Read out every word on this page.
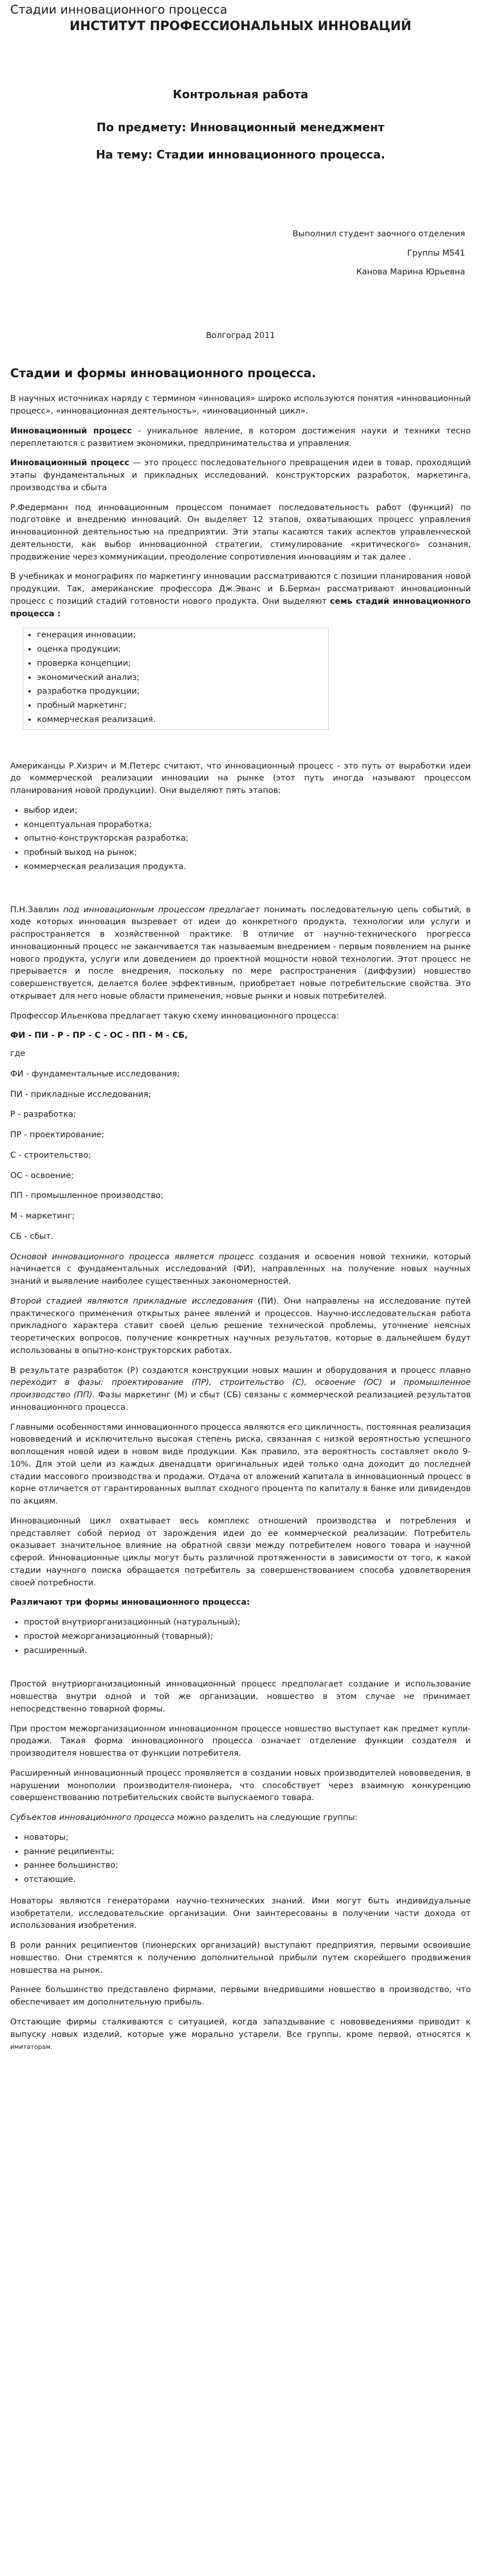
Стадии инновационного процесса
ИНСТИТУТ ПРОФЕССИОНАЛЬНЫХ ИННОВАЦИЙ

Контрольная работа

По предмету: Инновационный менеджмент

На тему: Стадии инновационного процесса.

Выполнил студент заочного отделения

Группы М541

Канова Марина Юрьевна

Волгоград 2011
Стадии и формы инновационного процесса.

В научных источниках наряду с термином «инновация» широко используются понятия «инновационный процесс», «инновационная деятельность», «инновационный цикл».

Инновационный процесс - уникальное явление, в котором достижения науки и техники тесно переплетаются с развитием экономики, предпринимательства и управления.

Инновационный процесс — это процесс последовательного превращения идеи в товар, проходящий этапы фундаментальных и прикладных исследований, конструкторских разработок, маркетинга, производства и сбыта

Р.Федерманн под инновационным процессом понимает последовательность работ (функций) по подготовке и внедрению инноваций. Он выделяет 12 этапов, охватывающих процесс управления инновационной деятельностью на предприятии. Эти этапы касаются таких аспектов управленческой деятельности, как выбор инновационной стратегии, стимулирование «критического» сознания, продвижение через коммуникации, преодоление сопротивления инновациям и так далее .

В учебниках и монографиях по маркетингу инновации рассматриваются с позиции планирования новой продукции. Так, американские профессора Дж.Эванс и Б.Берман рассматривают инновационный процесс с позиций стадий готовности нового продукта. Они выделяют семь стадий инновационного процесса :

• генерация инновации;
• оценка продукции;
• проверка концепции;
• экономический анализ;
• разработка продукции;
• пробный маркетинг;
• коммерческая реализация.

Американцы Р.Хизрич и М.Петерс считают, что инновационный процесс - это путь от выработки идеи до коммерческой реализации инновации на рынке (этот путь иногда называют процессом планирования новой продукции). Они выделяют пять этапов:

• выбор идеи;
• концептуальная проработка;
• опытно-конструкторская разработка;
• пробный выход на рынок;
• коммерческая реализация продукта.

П.Н.Завлин под инновационным процессом предлагает понимать последовательную цепь событий, в ходе которых инновация вызревает от идеи до конкретного продукта, технологии или услуги и распространяется в хозяйственной практике. В отличие от научно-технического прогресса инновационный процесс не заканчивается так называемым внедрением - первым появлением на рынке нового продукта, услуги или доведением до проектной мощности новой технологии. Этот процесс не прерывается и после внедрения, поскольку по мере распространения (диффузии) новшество совершенствуется, делается более эффективным, приобретает новые потребительские свойства. Это открывает для него новые области применения, новые рынки и новых потребителей.

Профессор Ильенкова предлагает такую схему инновационного процесса:

ФИ - ПИ - Р - ПР - С - ОС - ПП - М - СБ,
где
ФИ - фундаментальные исследования;
ПИ - прикладные исследования;
Р - разработка;
ПР - проектирование;
С - строительство;
ОС - освоение;
ПП - промышленное производство;
М - маркетинг;
СБ - сбыт.

Основой инновационного процесса является процесс создания и освоения новой техники, который начинается с фундаментальных исследований (ФИ), направленных на получение новых научных знаний и выявление наиболее существенных закономерностей.

Второй стадией являются прикладные исследования (ПИ). Они направлены на исследование путей практического применения открытых ранее явлений и процессов. Научно-исследовательская работа прикладного характера ставит своей целью решение технической проблемы, уточнение неясных теоретических вопросов, получение конкретных научных результатов, которые в дальнейшем будут использованы в опытно-конструкторских работах.

В результате разработок (Р) создаются конструкции новых машин и оборудования и процесс плавно переходит в фазы: проектирование (ПР), строительство (С), освоение (ОС) и промышленное производство (ПП). Фазы маркетинг (М) и сбыт (СБ) связаны с коммерческой реализацией результатов инновационного процесса.

Главными особенностями инновационного процесса являются его цикличность, постоянная реализация нововведений и исключительно высокая степень риска, связанная с низкой вероятностью успешного воплощения новой идеи в новом виде продукции. Как правило, эта вероятность составляет около 9-10%. Для этой цели из каждых двенадцати оригинальных идей только одна доходит до последней стадии массового производства и продажи. Отдача от вложений капитала в инновационный процесс в корне отличается от гарантированных выплат сходного процента по капиталу в банке или дивидендов по акциям.

Инновационный цикл охватывает весь комплекс отношений производства и потребления и представляет собой период от зарождения идеи до ее коммерческой реализации. Потребитель оказывает значительное влияние на обратной связи между потребителем нового товара и научной сферой. Инновационные циклы могут быть различной протяженности в зависимости от того, к какой стадии научного поиска обращается потребитель за совершенствованием способа удовлетворения своей потребности.

Различают три формы инновационного процесса:

• простой внутриорганизационный (натуральный);
• простой межорганизационный (товарный);
• расширенный.

Простой внутриорганизационный инновационный процесс предполагает создание и использование новшества внутри одной и той же организации, новшество в этом случае не принимает непосредственно товарной формы.

При простом межорганизационном инновационном процессе новшество выступает как предмет купли-продажи. Такая форма инновационного процесса означает отделение функции создателя и производителя новшества от функции потребителя.

Расширенный инновационный процесс проявляется в создании новых производителей нововведения, в нарушении монополии производителя-пионера, что способствует через взаимную конкуренцию совершенствованию потребительских свойств выпускаемого товара.

Субъектов инновационного процесса можно разделить на следующие группы:

• новаторы;
• ранние реципиенты;
• раннее большинство;
• отстающие.

Новаторы являются генераторами научно-технических знаний. Ими могут быть индивидуальные изобретатели, исследовательские организации. Они заинтересованы в получении части дохода от использования изобретения.

В роли ранних реципиентов (пионерских организаций) выступают предприятия, первыми освоившие новшество. Они стремятся к получению дополнительной прибыли путем скорейшего продвижения новшества на рынок.

Раннее большинство представлено фирмами, первыми внедрившими новшество в производство, что обеспечивает им дополнительную прибыль.

Отстающие фирмы сталкиваются с ситуацией, когда запаздывание с нововведениями приводит к выпуску новых изделий, которые уже морально устарели. Все группы, кроме первой, относятся к имитаторам.
